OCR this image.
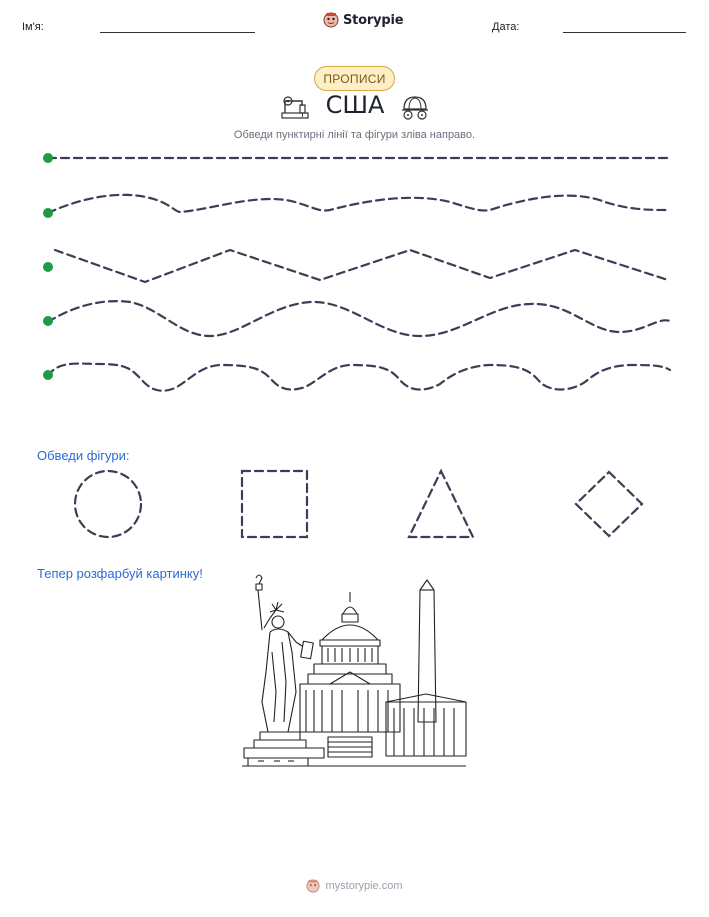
Ім'я:	Storypie	Дата:
ПРОПИСИ
США
Обведи пунктирні лінії та фігури зліва направо.
Обведи фігури:
Тепер розфарбуй картинку!
mystorypie.com
